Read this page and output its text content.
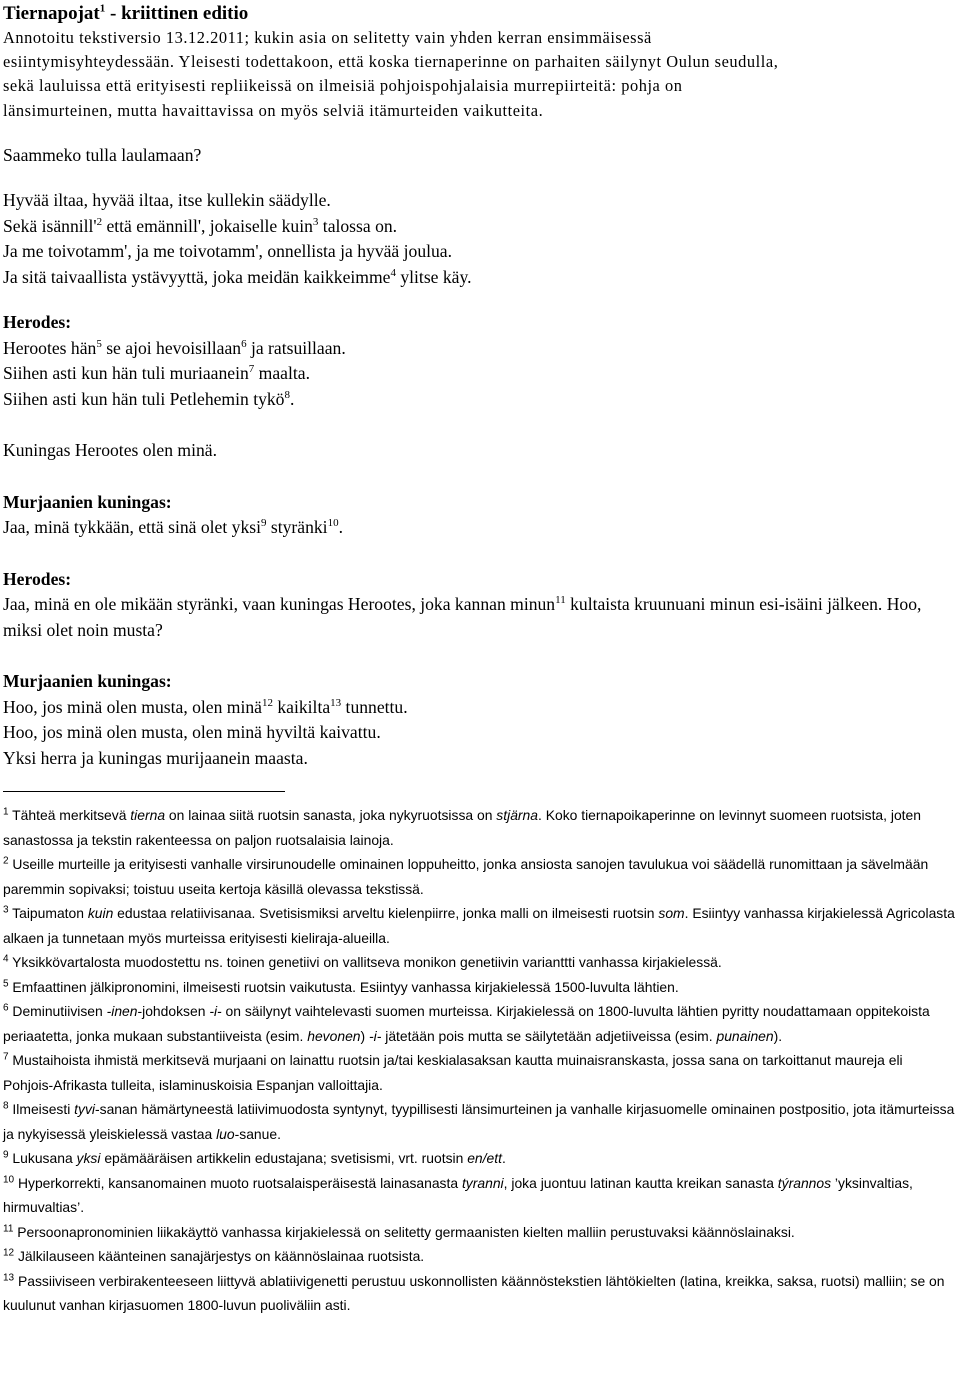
Tiernapojat$^1$ - kriittinen editio

Annotoitu tekstiversio 13.12.2011; kukin asia on selitetty vain yhden kerran ensimmäisessä

esiintymisyhteydessään. Yleisesti todettakoon, että koska tiernaperinne on parhaiten säilynyt Oulun seudulla,

sekä lauluissa että erityisesti repliikeissä on ilmeisiä pohjoispohjalaisia murrepiirteitä: pohja on

länsimurteinen, mutta havaittavissa on myös selviä itämurteiden vaikutteita.

Saammeko tulla laulamaan?
Hyvää iltaa, hyvää iltaa, itse kullekin säädylle.
Sekä $isännill'^2$ että emännill', jokaiselle kuin$^3$ talossa on.
Ja me toivotamm', ja me toivotamm', onnellista ja hyvää joulua.
Ja sitä taivaallista ystävyyttä, joka meidän kaikkeimme$^4$ ylitse käy.
Herodes:
Herootes hän$^5$ se ajoi hevoisillaan$^6$ ja ratsuillaan.
Siihen asti kun hän tuli muriaanein$^7$ maalta.
Siihen asti kun hän tuli Petlehemin tykö$^8$.
Kuningas Herootes olen minä.
Murjaanien kuningas:
Jaa, minä tykkään, että sinä olet yksi$^9$ styränki$^{10}$.
Herodes:
Jaa, minä en ole mikään styränki, vaan kuningas Herootes, joka kannan minun$^{11}$ kultaista kruunuani minun esi-isäini jälkeen. Hoo, miksi olet noin musta?
Murjaanien kuningas:
Hoo, jos minä olen musta, olen minä$^{12}$ kaikilta$^{13}$ tunnettu.
Hoo, jos minä olen musta, olen minä hyviltä kaivattu.
Yksi herra ja kuningas murijaanein maasta.

$^1$ Tähteä merkitsevä tierna on lainaa siitä ruotsin sanasta, joka nykyruotsissa on stjärna. Koko tiernapoikaperinne on levinnyt suomeen ruotsista, joten sanastossa ja tekstin rakenteessa on paljon ruotsalaisia lainoja.

$^2$ Useille murteille ja erityisesti vanhalle virsirunoudelle ominainen loppuheitto, jonka ansiosta sanojen tavulukua voi säädellä runomittaan ja sävelmään paremmin sopivaksi; toistuu useita kertoja käsillä olevassa tekstissä.

$^3$ Taipumaton kuin edustaa relatiivisanaa. Svetisismiksi arveltu kielenpiirre, jonka malli on ilmeisesti ruotsin som. Esiintyy vanhassa kirjakielessä Agricolasta alkaen ja tunnetaan myös murteissa erityisesti kieliraja-alueilla.

$^4$ Yksikkövartalosta muodostettu ns. toinen genetiivi on vallitseva monikon genetiivin varianttti vanhassa kirjakielessä.

$^5$ Emfaattinen jälkipronomini, ilmeisesti ruotsin vaikutusta. Esiintyy vanhassa kirjakielessä 1500-luvulta lähtien.

$^6$ Deminutiivisen -inen-johdoksen -i- on säilynyt vaihtelevasti suomen murteissa. Kirjakielessä on 1800-luvulta lähtien pyritty noudattamaan oppitekoista periaatetta, jonka mukaan substantiiveista (esim. hevonen) -i- jätetään pois mutta se säilytetään adjetiiveissa (esim. punainen).

$^7$ Mustaihoista ihmistä merkitsevä murjaani on lainattu ruotsin ja/tai keskialasaksan kautta muinaisranskasta, jossa sana on tarkoittanut maureja eli Pohjois-Afrikasta tulleita, islaminuskoisia Espanjan valloittajia.

$^8$ Ilmeisesti tyvi-sanan hämärtyneestä latiivimuodosta syntynyt, tyypillisesti länsimurteinen ja vanhalle kirjasuomelle ominainen postpositio, jota itämurteissa ja nykyisessä yleiskielessä vastaa luo-sanue.

$^9$ Lukusana yksi epämääräisen artikkelin edustajana; svetisismi, vrt. ruotsin en/ett.

$^{10}$ Hyperkorrekti, kansanomainen muoto ruotsalaisperäisestä lainasanasta tyranni, joka juontuu latinan kautta kreikan sanasta týrannos ’yksinvaltias, hirmuvaltias’.

$^{11}$ Persoonapronominien liikakäyttö vanhassa kirjakielessä on selitetty germaanisten kielten malliin perustuvaksi käännöslainaksi.

$^{12}$ Jälkilauseen käänteinen sanajärjestys on käännöslainaa ruotsista.

$^{13}$ Passiiviseen verbirakenteeseen liittyvä ablatiivigenetti perustuu uskonnollisten käännöstekstien lähtökielten (latina, kreikka, saksa, ruotsi) malliin; se on kuulunut vanhan kirjasuomen 1800-luvun puoliväliin asti.
